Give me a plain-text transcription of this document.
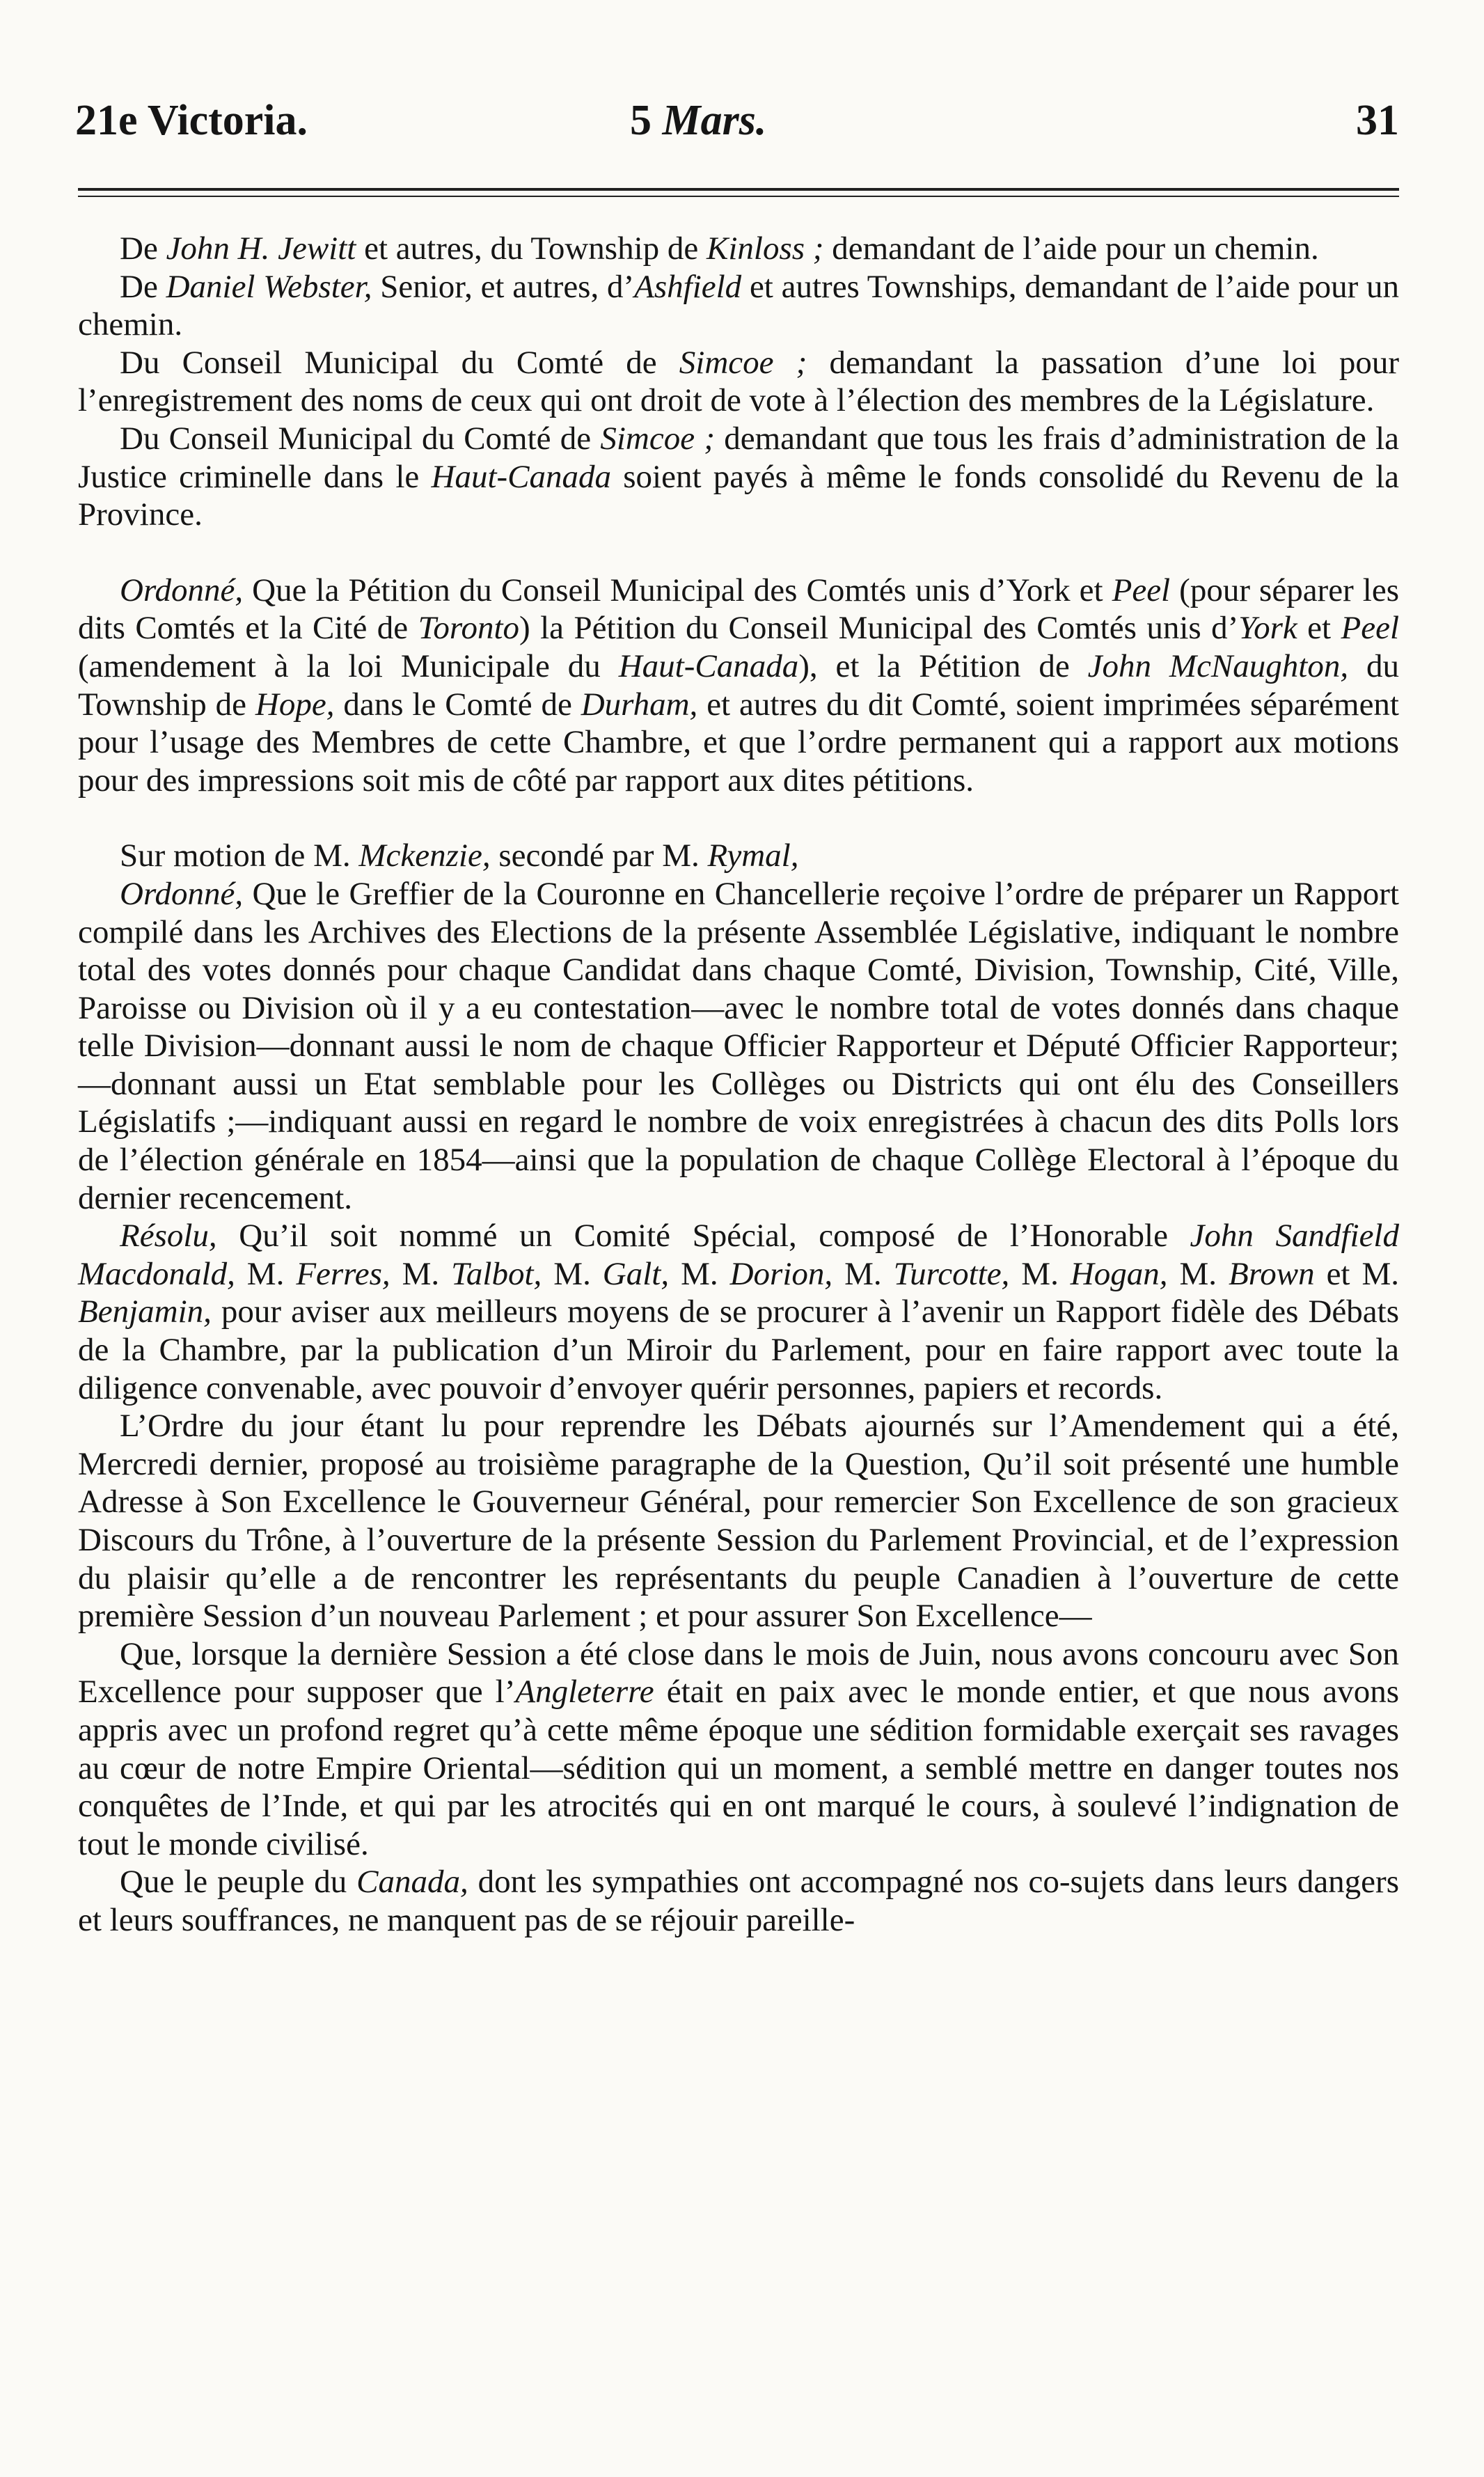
21e Victoria.	5 Mars.	31

De John H. Jewitt et autres, du Township de Kinloss ; demandant de l’aide pour un chemin.

De Daniel Webster, Senior, et autres, d’Ashfield et autres Townships, demandant de l’aide pour un chemin.

Du Conseil Municipal du Comté de Simcoe ; demandant la passation d’une loi pour l’enregistrement des noms de ceux qui ont droit de vote à l’élection des membres de la Législature.

Du Conseil Municipal du Comté de Simcoe ; demandant que tous les frais d’administration de la Justice criminelle dans le Haut-Canada soient payés à même le fonds consolidé du Revenu de la Province.

Ordonné, Que la Pétition du Conseil Municipal des Comtés unis d’York et Peel (pour séparer les dits Comtés et la Cité de Toronto) la Pétition du Conseil Municipal des Comtés unis d’York et Peel (amendement à la loi Municipale du Haut-Canada), et la Pétition de John McNaughton, du Township de Hope, dans le Comté de Durham, et autres du dit Comté, soient imprimées séparément pour l’usage des Membres de cette Chambre, et que l’ordre permanent qui a rapport aux motions pour des impressions soit mis de côté par rapport aux dites pétitions.

Sur motion de M. Mckenzie, secondé par M. Rymal,

Ordonné, Que le Greffier de la Couronne en Chancellerie reçoive l’ordre de préparer un Rapport compilé dans les Archives des Elections de la présente Assemblée Législative, indiquant le nombre total des votes donnés pour chaque Candidat dans chaque Comté, Division, Township, Cité, Ville, Paroisse ou Division où il y a eu contestation—avec le nombre total de votes donnés dans chaque telle Division—donnant aussi le nom de chaque Officier Rapporteur et Député Officier Rapporteur;—donnant aussi un Etat semblable pour les Collèges ou Districts qui ont élu des Conseillers Législatifs ;—indiquant aussi en regard le nombre de voix enregistrées à chacun des dits Polls lors de l’élection générale en 1854—ainsi que la population de chaque Collège Electoral à l’époque du dernier recencement.

Résolu, Qu’il soit nommé un Comité Spécial, composé de l’Honorable John Sandfield Macdonald, M. Ferres, M. Talbot, M. Galt, M. Dorion, M. Turcotte, M. Hogan, M. Brown et M. Benjamin, pour aviser aux meilleurs moyens de se procurer à l’avenir un Rapport fidèle des Débats de la Chambre, par la publication d’un Miroir du Parlement, pour en faire rapport avec toute la diligence convenable, avec pouvoir d’envoyer quérir personnes, papiers et records.

L’Ordre du jour étant lu pour reprendre les Débats ajournés sur l’Amendement qui a été, Mercredi dernier, proposé au troisième paragraphe de la Question, Qu’il soit présenté une humble Adresse à Son Excellence le Gouverneur Général, pour remercier Son Excellence de son gracieux Discours du Trône, à l’ouverture de la présente Session du Parlement Provincial, et de l’expression du plaisir qu’elle a de rencontrer les représentants du peuple Canadien à l’ouverture de cette première Session d’un nouveau Parlement ; et pour assurer Son Excellence—

Que, lorsque la dernière Session a été close dans le mois de Juin, nous avons concouru avec Son Excellence pour supposer que l’Angleterre était en paix avec le monde entier, et que nous avons appris avec un profond regret qu’à cette même époque une sédition formidable exerçait ses ravages au cœur de notre Empire Oriental—sédition qui un moment, a semblé mettre en danger toutes nos conquêtes de l’Inde, et qui par les atrocités qui en ont marqué le cours, à soulevé l’indignation de tout le monde civilisé.

Que le peuple du Canada, dont les sympathies ont accompagné nos co-sujets dans leurs dangers et leurs souffrances, ne manquent pas de se réjouir pareille-
